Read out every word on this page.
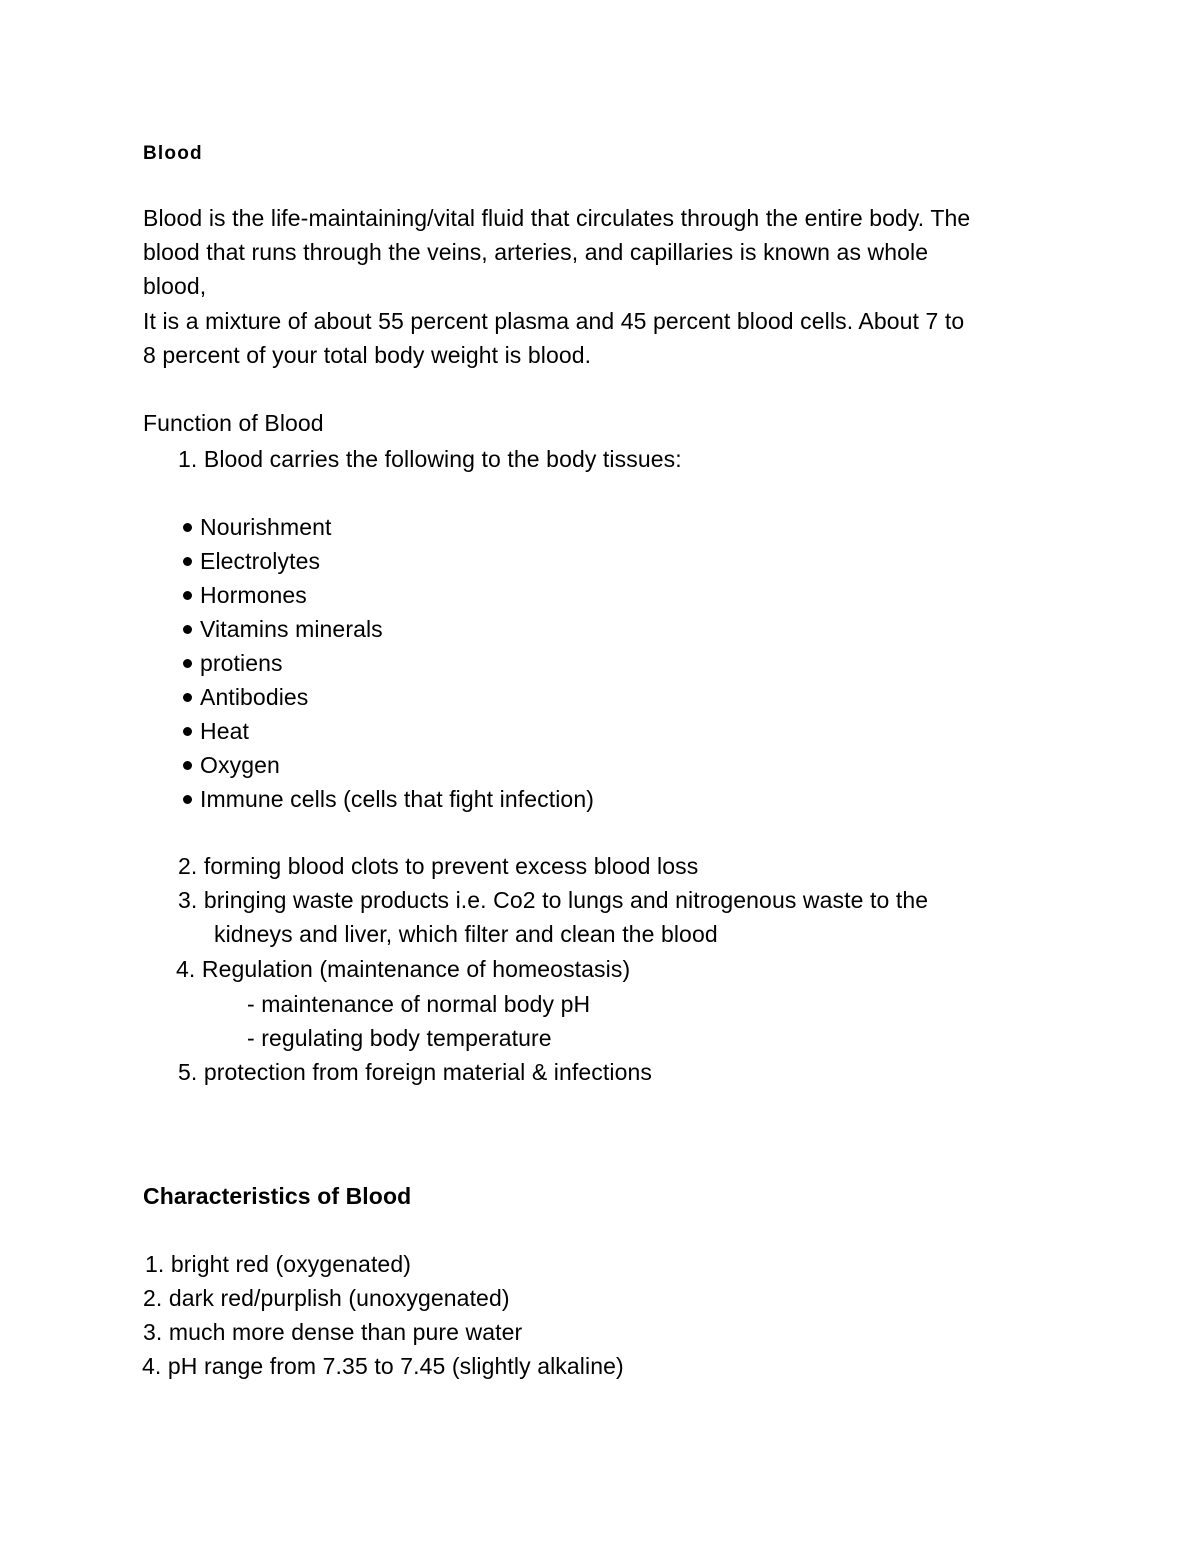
Blood
Blood is the life-maintaining/vital fluid that circulates through the entire body. The
blood that runs through the veins, arteries, and capillaries is known as whole
blood,
It is a mixture of about 55 percent plasma and 45 percent blood cells. About 7 to
8 percent of your total body weight is blood.
Function of Blood
1. Blood carries the following to the body tissues:
Nourishment
Electrolytes
Hormones
Vitamins minerals
protiens
Antibodies
Heat
Oxygen
Immune cells (cells that fight infection)
2. forming blood clots to prevent excess blood loss
3. bringing waste products i.e. Co2 to lungs and nitrogenous waste to the
kidneys and liver, which filter and clean the blood
4. Regulation (maintenance of homeostasis)
- maintenance of normal body pH
- regulating body temperature
5. protection from foreign material & infections
Characteristics of Blood
1. bright red (oxygenated)
2. dark red/purplish (unoxygenated)
3. much more dense than pure water
4. pH range from 7.35 to 7.45 (slightly alkaline)
